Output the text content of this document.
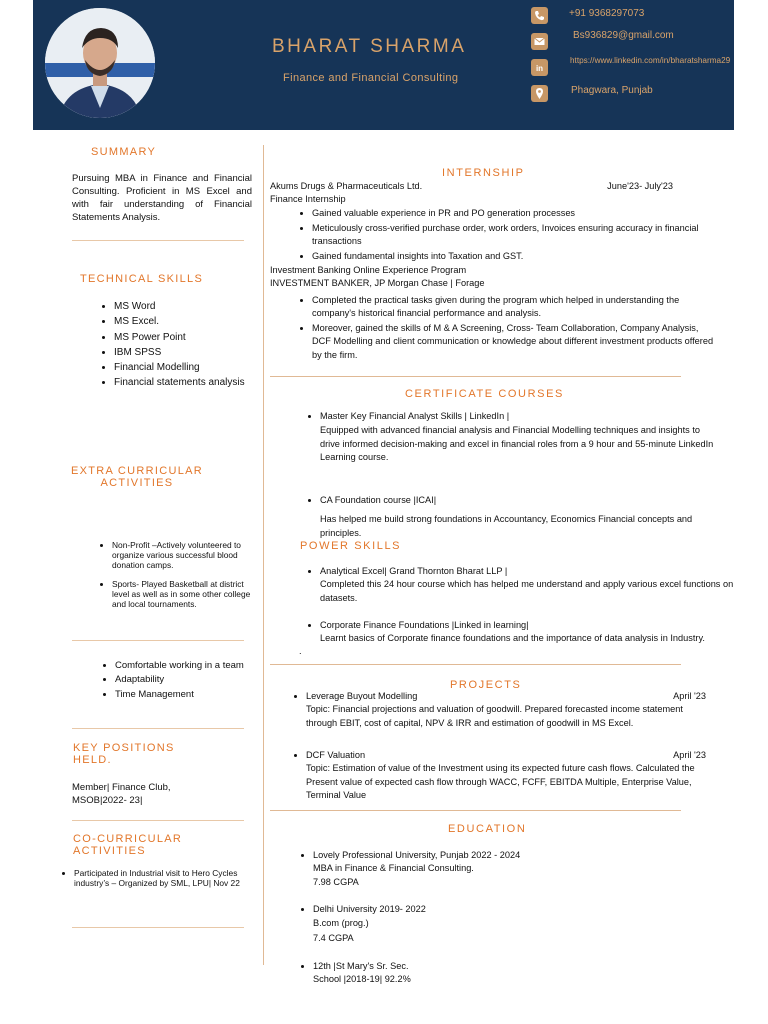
BHARAT SHARMA
Finance and Financial Consulting
+91 9368297073
Bs936829@gmail.com
in
https://www.linkedin.com/in/bharatsharma29
Phagwara, Punjab
SUMMARY
Pursuing MBA in Finance and Financial Consulting. Proficient in MS Excel and with fair understanding of Financial Statements Analysis.
TECHNICAL SKILLS
• MS Word
• MS Excel.
• MS Power Point
• IBM SPSS
• Financial Modelling
• Financial statements analysis
EXTRA CURRICULAR ACTIVITIES
• Non-Profit –Actively volunteered to organize various successful blood donation camps.
• Sports- Played Basketball at district level as well as in some other college and local tournaments.
• Comfortable working in a team
• Adaptability
• Time Management
KEY POSITIONS HELD.
Member| Finance Club, MSOB|2022- 23|
CO-CURRICULAR ACTIVITIES
• Participated in Industrial visit to Hero Cycles industry’s – Organized by SML, LPU| Nov 22
INTERNSHIP
Akums Drugs & Pharmaceuticals Ltd.	June'23- July'23
Finance Internship
• Gained valuable experience in PR and PO generation processes
• Meticulously cross-verified purchase order, work orders, Invoices ensuring accuracy in financial transactions
• Gained fundamental insights into Taxation and GST.
Investment Banking Online Experience Program
INVESTMENT BANKER, JP Morgan Chase | Forage
• Completed the practical tasks given during the program which helped in understanding the company's historical financial performance and analysis.
• Moreover, gained the skills of M & A Screening, Cross- Team Collaboration, Company Analysis, DCF Modelling and client communication or knowledge about different investment products offered by the firm.
CERTIFICATE COURSES
• Master Key Financial Analyst Skills | LinkedIn |
Equipped with advanced financial analysis and Financial Modelling techniques and insights to drive informed decision-making and excel in financial roles from a 9 hour and 55-minute LinkedIn Learning course.
• CA Foundation course |ICAI|
Has helped me build strong foundations in Accountancy, Economics Financial concepts and principles.
POWER SKILLS
• Analytical Excel| Grand Thornton Bharat LLP |
Completed this 24 hour course which has helped me understand and apply various excel functions on datasets.
• Corporate Finance Foundations |Linked in learning|
Learnt basics of Corporate finance foundations and the importance of data analysis in Industry.
.
PROJECTS
• Leverage Buyout Modelling	April '23
Topic: Financial projections and valuation of goodwill. Prepared forecasted income statement through EBIT, cost of capital, NPV & IRR and estimation of goodwill in MS Excel.
• DCF Valuation	April '23
Topic: Estimation of value of the Investment using its expected future cash flows. Calculated the Present value of expected cash flow through WACC, FCFF, EBITDA Multiple, Enterprise Value, Terminal Value
EDUCATION
• Lovely Professional University, Punjab 2022 - 2024
MBA in Finance & Financial Consulting.
7.98 CGPA
• Delhi University 2019- 2022
B.com (prog.)
7.4 CGPA
• 12th |St Mary's Sr. Sec.
School |2018-19| 92.2%
